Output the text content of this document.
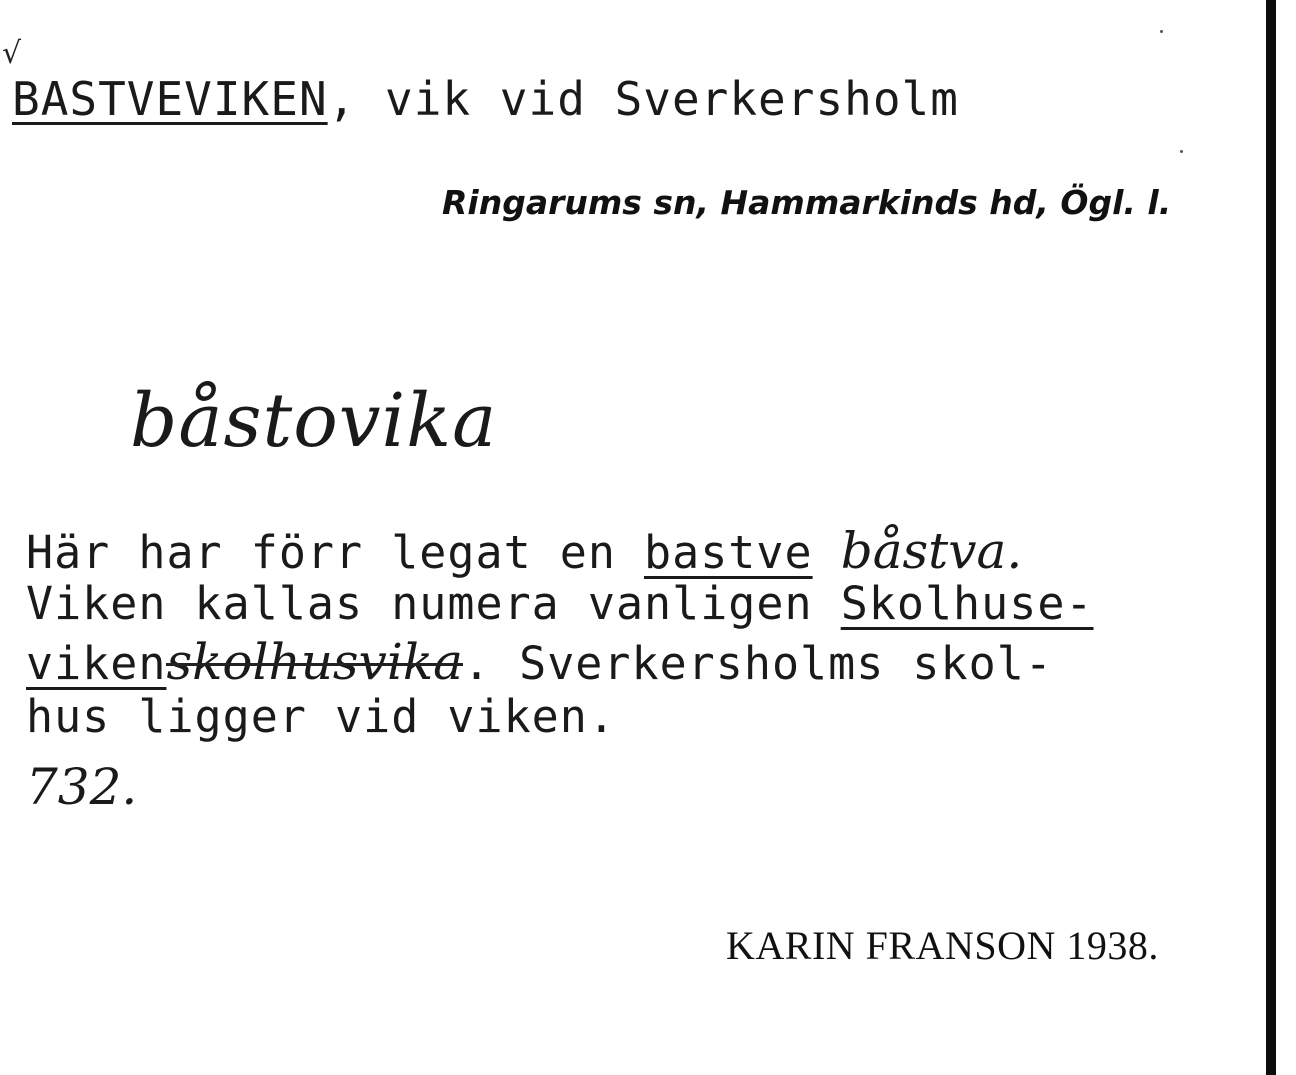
√
BASTVEVIKEN, vik vid Sverkersholm
Ringarums sn, Hammarkinds hd, Ögl. l.
båstovika
Här har förr legat en bastve båstva.
Viken kallas numera vanligen Skolhuse-
vikenskolhusvika. Sverkersholms skol-
hus ligger vid viken.
732.
KARIN FRANSON 1938.
